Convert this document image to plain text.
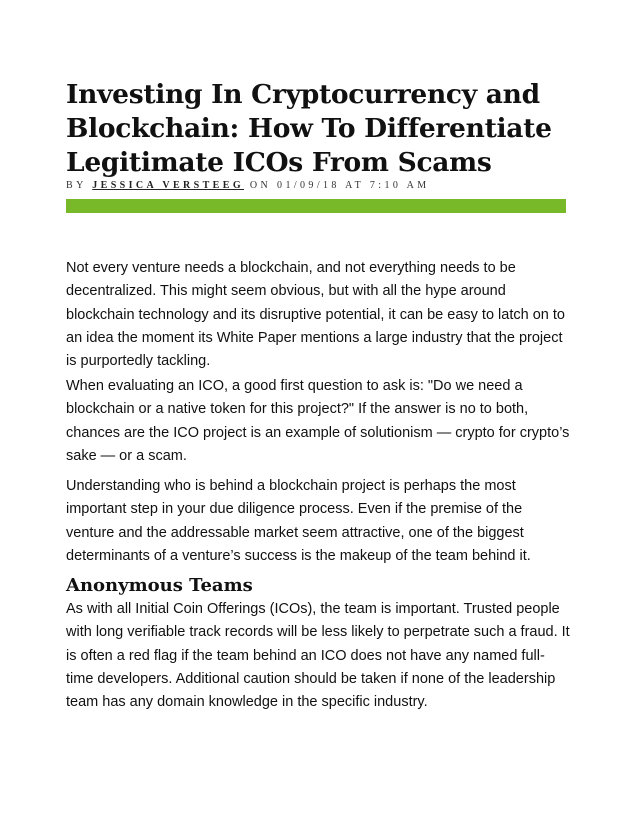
Investing In Cryptocurrency and Blockchain: How To Differentiate Legitimate ICOs From Scams
BY JESSICA VERSTEEG ON 01/09/18 AT 7:10 AM

Not every venture needs a blockchain, and not everything needs to be decentralized. This might seem obvious, but with all the hype around blockchain technology and its disruptive potential, it can be easy to latch on to an idea the moment its White Paper mentions a large industry that the project is purportedly tackling.

When evaluating an ICO, a good first question to ask is: "Do we need a blockchain or a native token for this project?" If the answer is no to both, chances are the ICO project is an example of solutionism — crypto for crypto’s sake — or a scam.

Understanding who is behind a blockchain project is perhaps the most important step in your due diligence process. Even if the premise of the venture and the addressable market seem attractive, one of the biggest determinants of a venture’s success is the makeup of the team behind it.

Anonymous Teams

As with all Initial Coin Offerings (ICOs), the team is important. Trusted people with long verifiable track records will be less likely to perpetrate such a fraud. It is often a red flag if the team behind an ICO does not have any named full-time developers. Additional caution should be taken if none of the leadership team has any domain knowledge in the specific industry.
